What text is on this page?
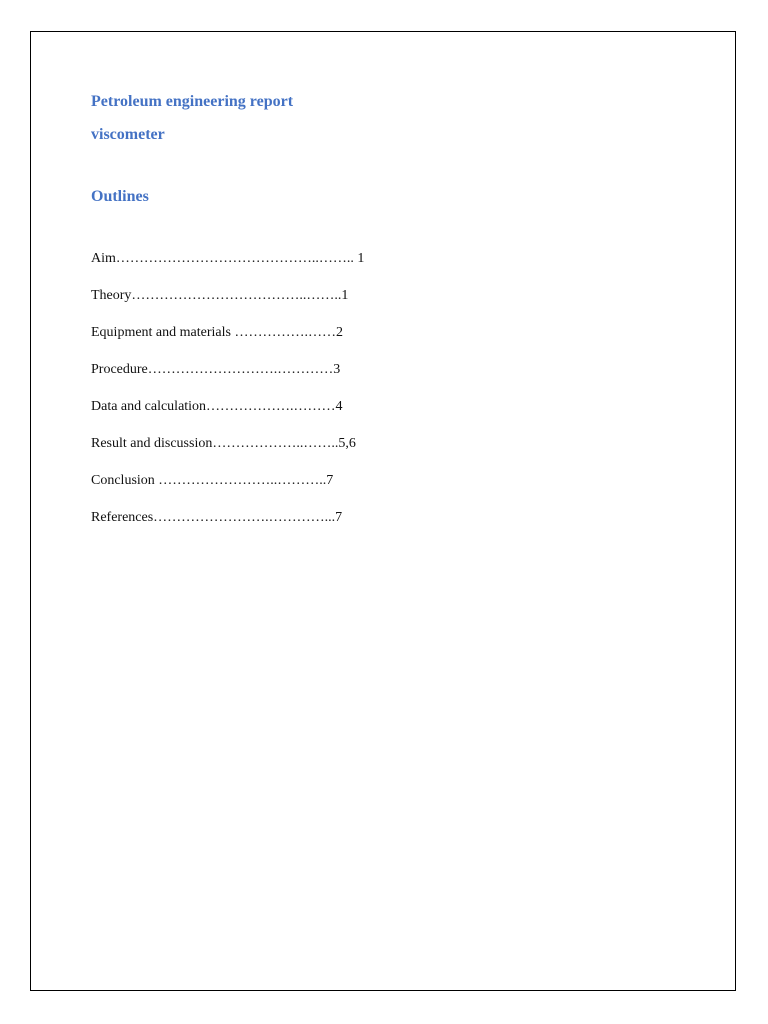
Petroleum engineering report
viscometer
Outlines
Aim……………………………………..…….. 1
Theory………………………………..……..1
Equipment and materials …………….……2
Procedure……………………….…………3
Data and calculation……………….………4
Result and discussion………………..……..5,6
Conclusion ……………………..………..7
References…………………….…………...7
